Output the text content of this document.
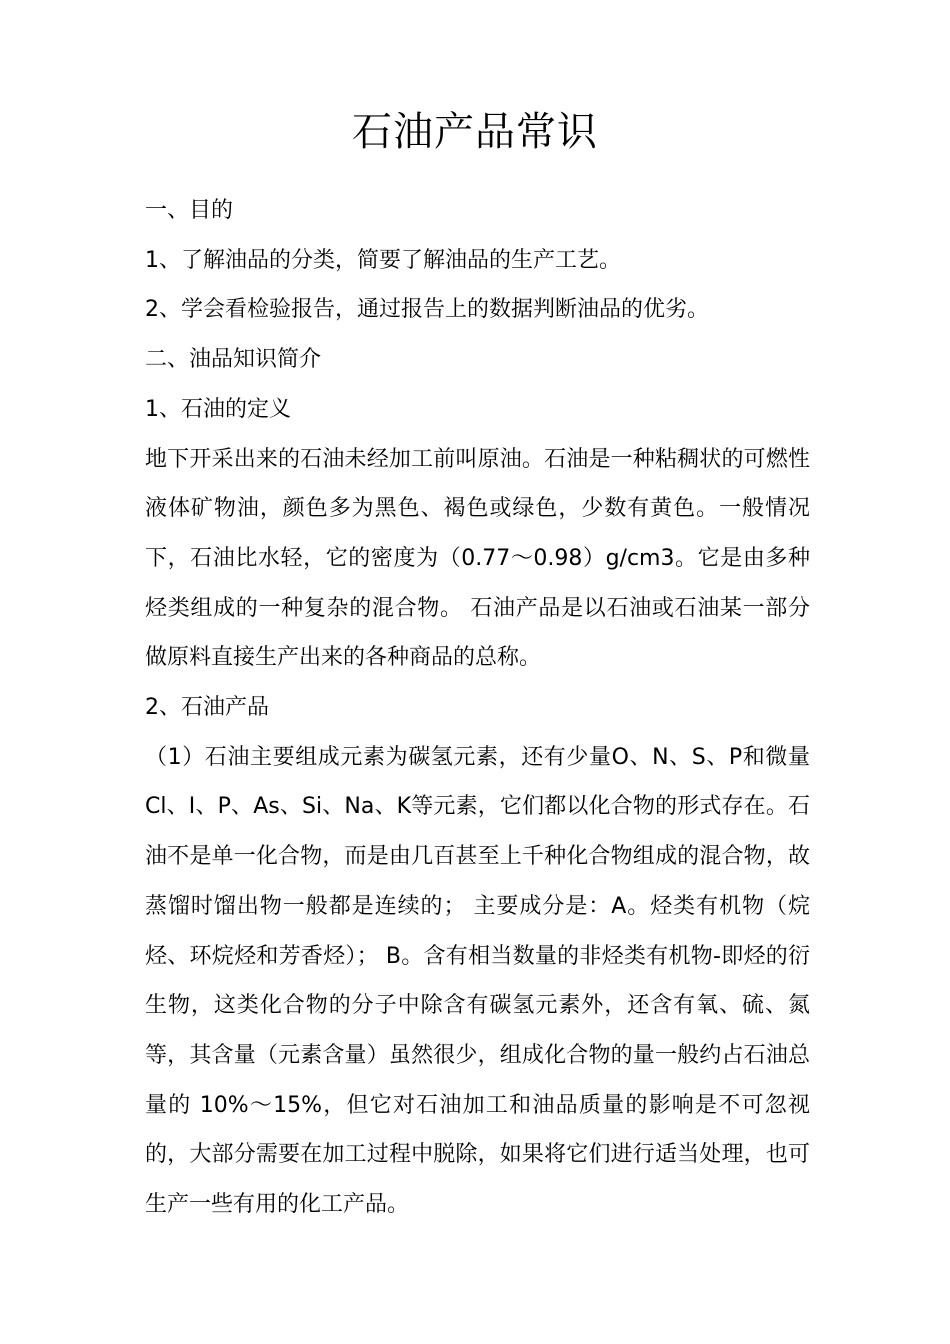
石油产品常识

一、目的

1、了解油品的分类，简要了解油品的生产工艺。

2、学会看检验报告，通过报告上的数据判断油品的优劣。

二、油品知识简介

1、石油的定义

地下开采出来的石油未经加工前叫原油。石油是一种粘稠状的可燃性液体矿物油，颜色多为黑色、褐色或绿色，少数有黄色。一般情况下，石油比水轻，它的密度为（0.77～0.98）g/cm3。它是由多种烃类组成的一种复杂的混合物。 石油产品是以石油或石油某一部分做原料直接生产出来的各种商品的总称。

2、石油产品

（1）石油主要组成元素为碳氢元素，还有少量O、N、S、P和微量Cl、I、P、As、Si、Na、K等元素，它们都以化合物的形式存在。石油不是单一化合物，而是由几百甚至上千种化合物组成的混合物，故蒸馏时馏出物一般都是连续的； 主要成分是：A。烃类有机物（烷烃、环烷烃和芳香烃）； B。含有相当数量的非烃类有机物-即烃的衍生物，这类化合物的分子中除含有碳氢元素外，还含有氧、硫、氮等，其含量（元素含量）虽然很少，组成化合物的量一般约占石油总量的 10%～15%，但它对石油加工和油品质量的影响是不可忽视的，大部分需要在加工过程中脱除，如果将它们进行适当处理，也可生产一些有用的化工产品。
